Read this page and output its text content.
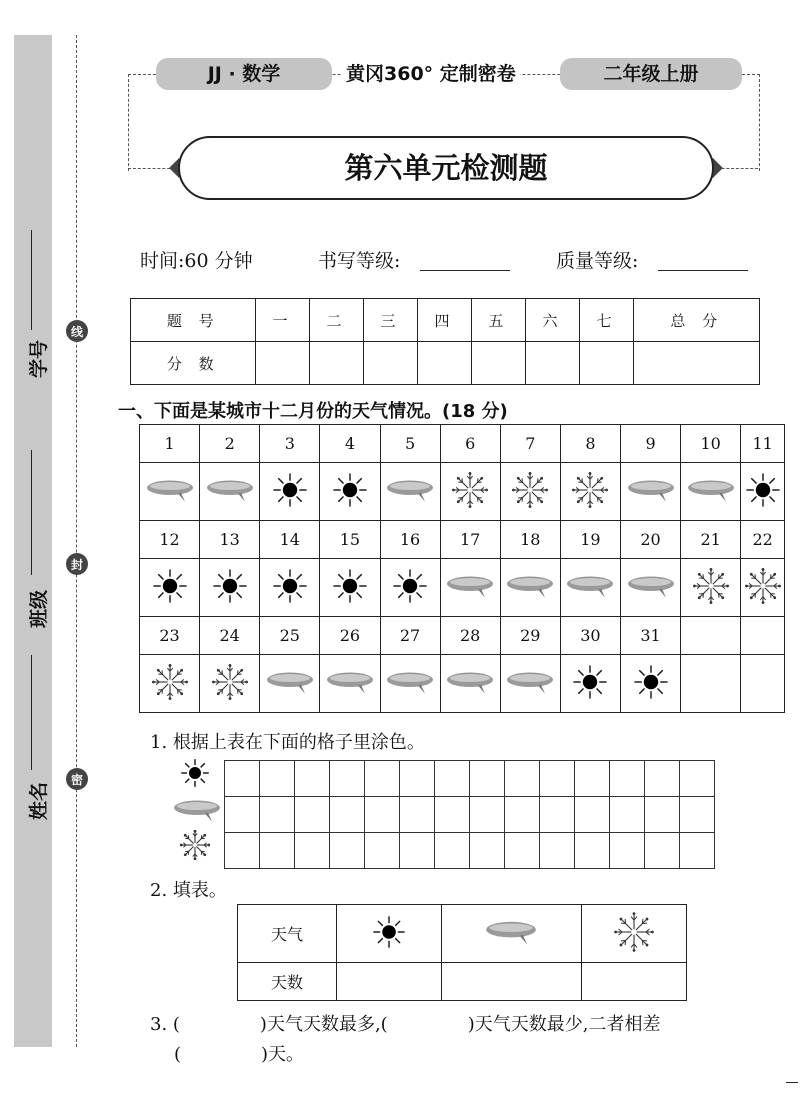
学号
班级
姓名
线
封
密
JJ · 数学	黄冈360° 定制密卷	二年级上册
第六单元检测题
时间:60 分钟	书写等级:	质量等级:
题 号	一	二	三	四	五	六	七	总 分
分 数								
一、下面是某城市十二月份的天气情况。(18 分)
1	2	3	4	5	6	7	8	9	10	11

12	13	14	15	16	17	18	19	20	21	22

23	24	25	26	27	28	29	30	31		

1. 根据上表在下面的格子里涂色。

2. 填表。
天气			
天数			
3. (	)天气天数最多,(	)天气天数最少,二者相差
(	)天。
